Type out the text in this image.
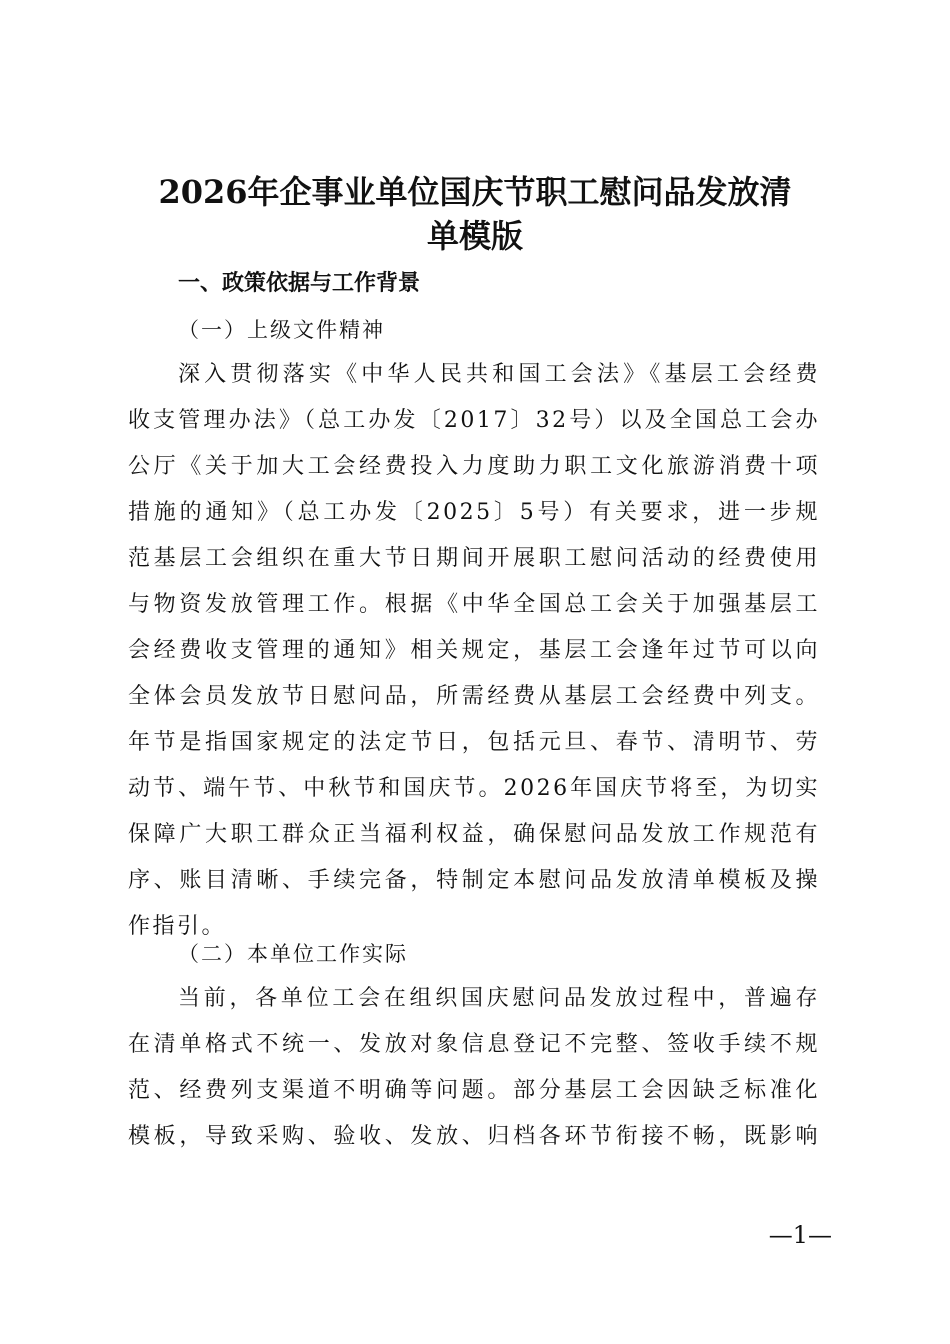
2026年企事业单位国庆节职工慰问品发放清
单模版
一、政策依据与工作背景
（一）上级文件精神
深入贯彻落实《中华人民共和国工会法》《基层工会经费
收支管理办法》（总工办发〔2017〕32号）以及全国总工会办
公厅《关于加大工会经费投入力度助力职工文化旅游消费十项
措施的通知》（总工办发〔2025〕5号）有关要求，进一步规
范基层工会组织在重大节日期间开展职工慰问活动的经费使用
与物资发放管理工作。根据《中华全国总工会关于加强基层工
会经费收支管理的通知》相关规定，基层工会逢年过节可以向
全体会员发放节日慰问品，所需经费从基层工会经费中列支。
年节是指国家规定的法定节日，包括元旦、春节、清明节、劳
动节、端午节、中秋节和国庆节。2026年国庆节将至，为切实
保障广大职工群众正当福利权益，确保慰问品发放工作规范有
序、账目清晰、手续完备，特制定本慰问品发放清单模板及操
作指引。
（二）本单位工作实际
当前，各单位工会在组织国庆慰问品发放过程中，普遍存
在清单格式不统一、发放对象信息登记不完整、签收手续不规
范、经费列支渠道不明确等问题。部分基层工会因缺乏标准化
模板，导致采购、验收、发放、归档各环节衔接不畅，既影响
—1—
